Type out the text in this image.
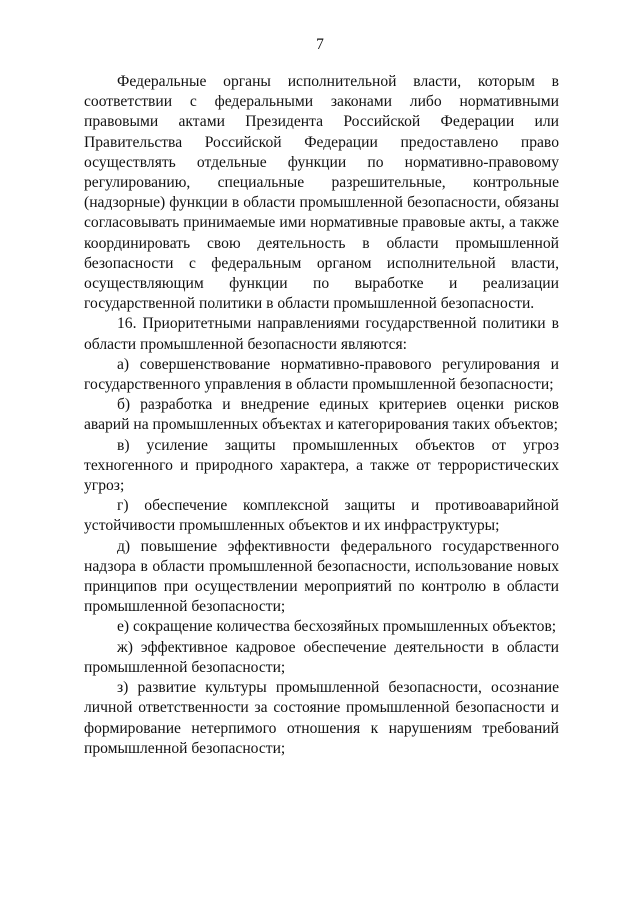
7

Федеральные органы исполнительной власти, которым в соответствии с федеральными законами либо нормативными правовыми актами Президента Российской Федерации или Правительства Российской Федерации предоставлено право осуществлять отдельные функции по нормативно-правовому регулированию, специальные разрешительные, контрольные (надзорные) функции в области промышленной безопасности, обязаны согласовывать принимаемые ими нормативные правовые акты, а также координировать свою деятельность в области промышленной безопасности с федеральным органом исполнительной власти, осуществляющим функции по выработке и реализации государственной политики в области промышленной безопасности.

16. Приоритетными направлениями государственной политики в области промышленной безопасности являются:

а) совершенствование нормативно-правового регулирования и государственного управления в области промышленной безопасности;

б) разработка и внедрение единых критериев оценки рисков аварий на промышленных объектах и категорирования таких объектов;

в) усиление защиты промышленных объектов от угроз техногенного и природного характера, а также от террористических угроз;

г) обеспечение комплексной защиты и противоаварийной устойчивости промышленных объектов и их инфраструктуры;

д) повышение эффективности федерального государственного надзора в области промышленной безопасности, использование новых принципов при осуществлении мероприятий по контролю в области промышленной безопасности;

е) сокращение количества бесхозяйных промышленных объектов;

ж) эффективное кадровое обеспечение деятельности в области промышленной безопасности;

з) развитие культуры промышленной безопасности, осознание личной ответственности за состояние промышленной безопасности и формирование нетерпимого отношения к нарушениям требований промышленной безопасности;
